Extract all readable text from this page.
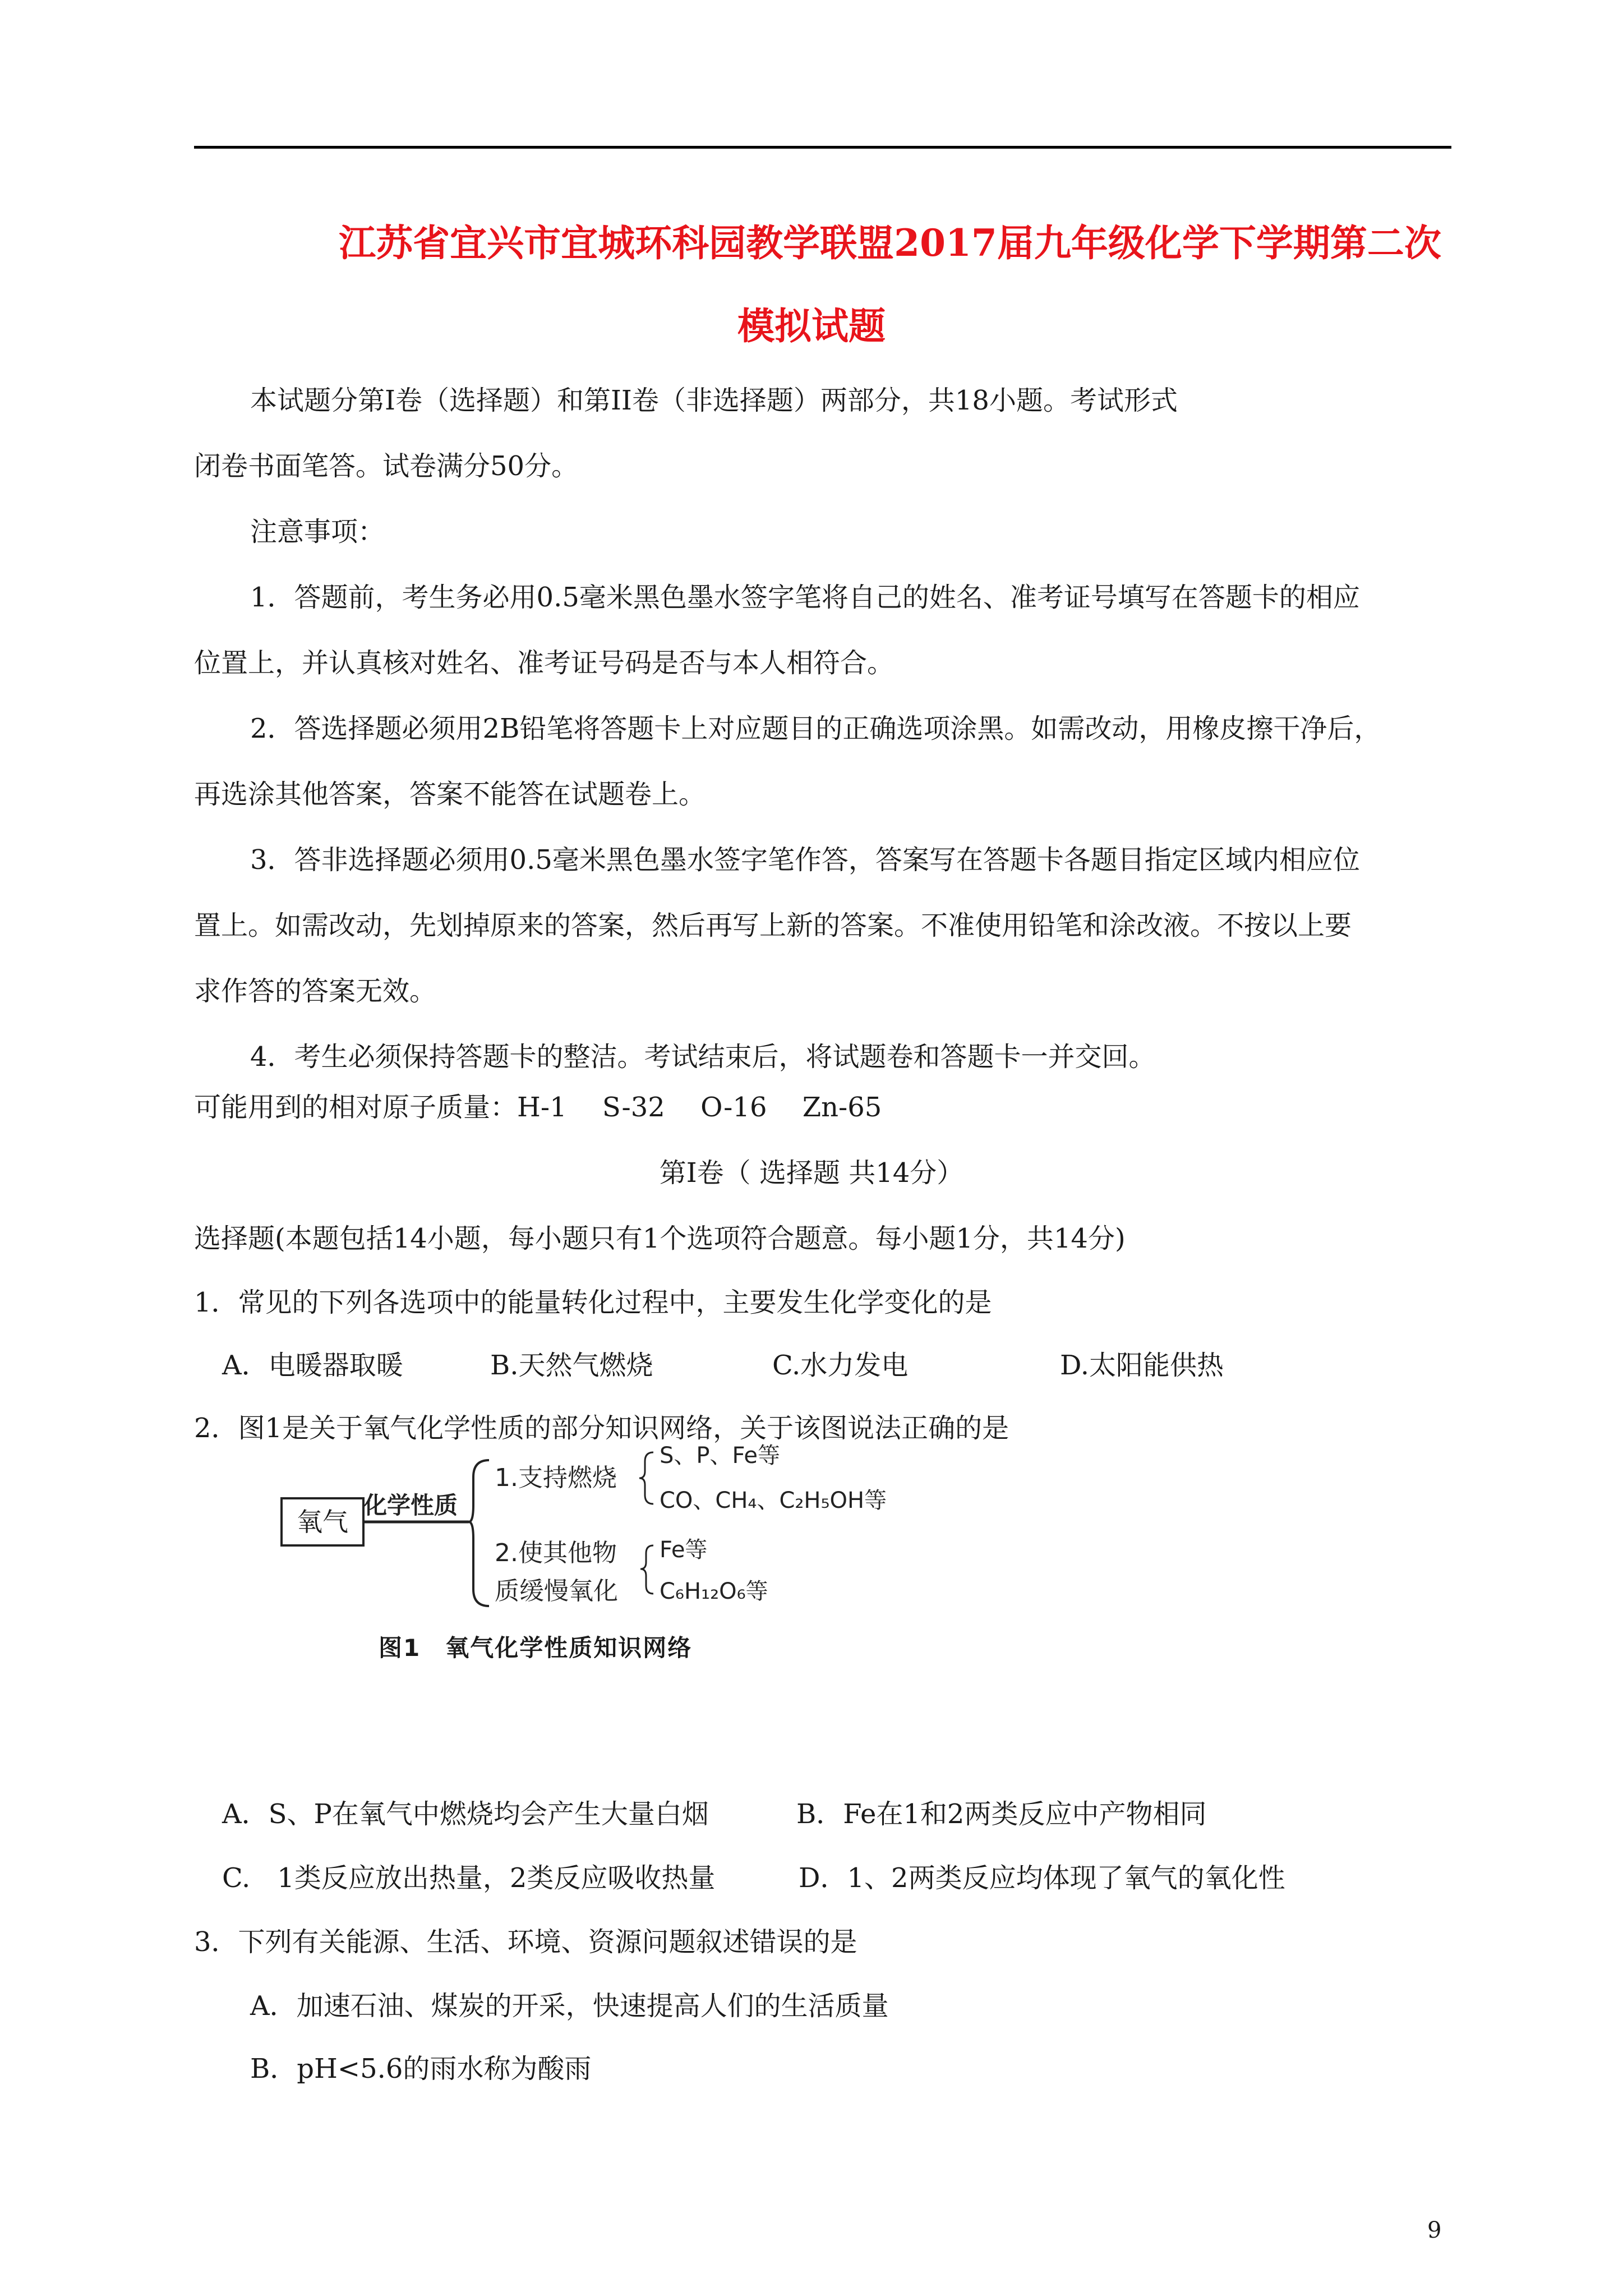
江苏省宜兴市宜城环科园教学联盟2017届九年级化学下学期第二次
模拟试题
本试题分第Ⅰ卷（选择题）和第II卷（非选择题）两部分，共18小题。考试形式
闭卷书面笔答。试卷满分50分。
注意事项：
1．答题前，考生务必用0.5毫米黑色墨水签字笔将自己的姓名、准考证号填写在答题卡的相应
位置上，并认真核对姓名、准考证号码是否与本人相符合。
2．答选择题必须用2B铅笔将答题卡上对应题目的正确选项涂黑。如需改动，用橡皮擦干净后，
再选涂其他答案，答案不能答在试题卷上。
3．答非选择题必须用0.5毫米黑色墨水签字笔作答，答案写在答题卡各题目指定区域内相应位
置上。如需改动，先划掉原来的答案，然后再写上新的答案。不准使用铅笔和涂改液。不按以上要
求作答的答案无效。
4．考生必须保持答题卡的整洁。考试结束后，将试题卷和答题卡一并交回。
可能用到的相对原子质量：H-1　 S-32　 O-16　 Zn-65
第Ⅰ卷（ 选择题 共14分）
选择题(本题包括14小题，每小题只有1个选项符合题意。每小题1分，共14分)
1．常见的下列各选项中的能量转化过程中，主要发生化学变化的是
A．电暖器取暖	B.天然气燃烧	C.水力发电	D.太阳能供热
2．图1是关于氧气化学性质的部分知识网络，关于该图说法正确的是
氧气
化学性质
1.支持燃烧
S、P、Fe等
CO、CH₄、C₂H₅OH等
2.使其他物
质缓慢氧化
Fe等
C₆H₁₂O₆等
图1　氧气化学性质知识网络
A．S、P在氧气中燃烧均会产生大量白烟	B．Fe在1和2两类反应中产物相同
C.　1类反应放出热量，2类反应吸收热量	D．1、2两类反应均体现了氧气的氧化性
3．下列有关能源、生活、环境、资源问题叙述错误的是
A．加速石油、煤炭的开采，快速提高人们的生活质量
B．pH<5.6的雨水称为酸雨
9
